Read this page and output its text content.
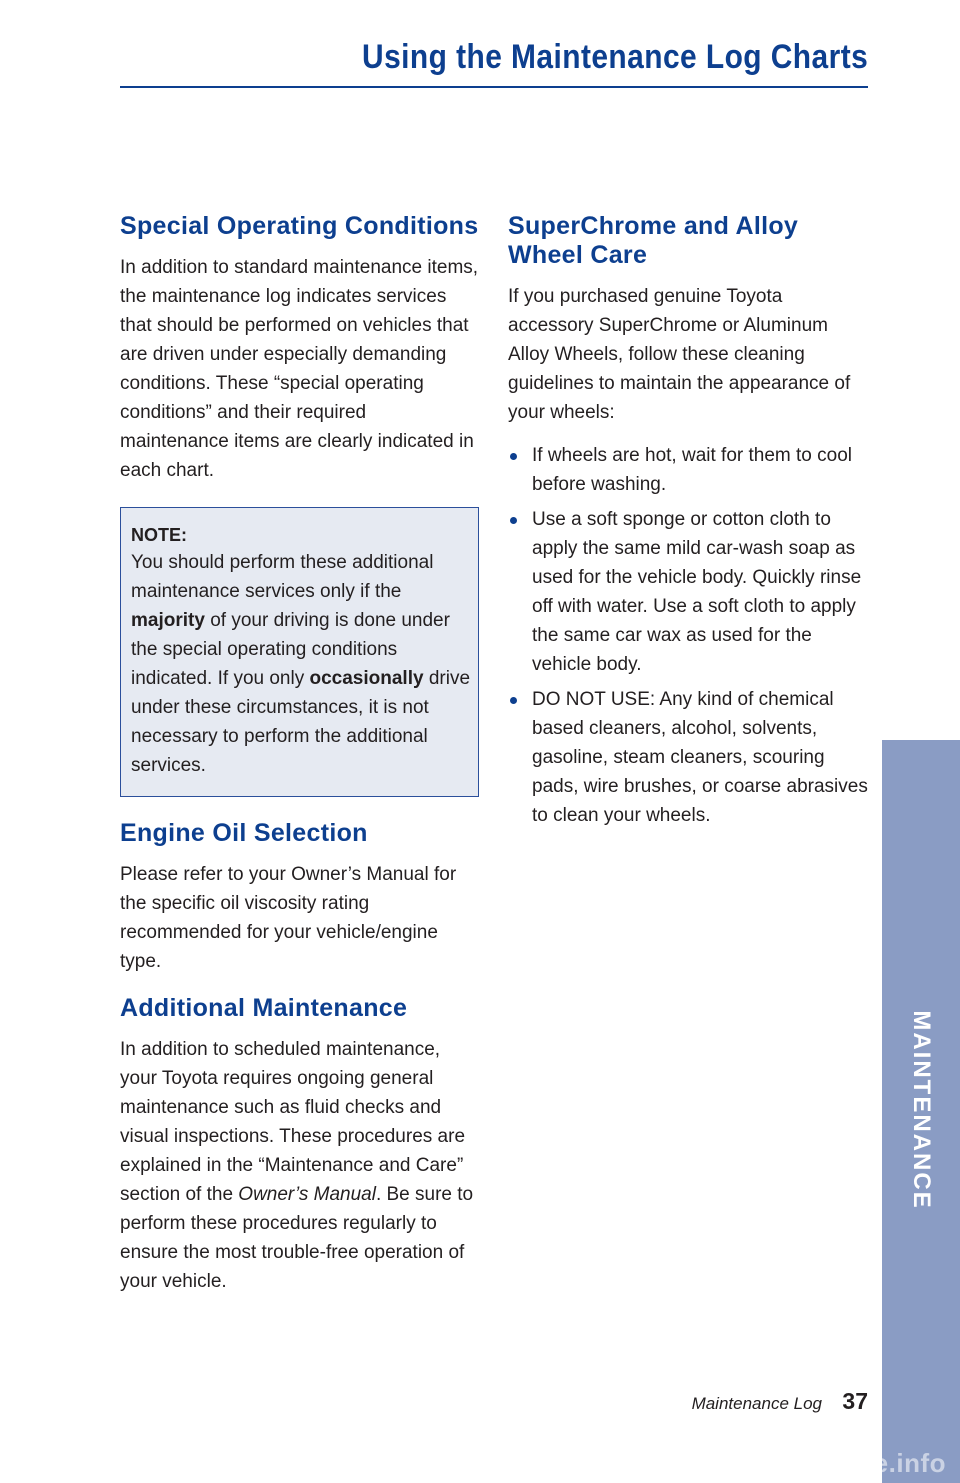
Using the Maintenance Log Charts
Special Operating Conditions

In addition to standard maintenance items, the maintenance log indicates services that should be performed on vehicles that are driven under especially demanding conditions. These “special operating conditions” and their required maintenance items are clearly indicated in each chart.

NOTE:
You should perform these additional maintenance services only if the majority of your driving is done under the special operating conditions indicated. If you only occasionally drive under these circumstances, it is not necessary to perform the additional services.
Engine Oil Selection

Please refer to your Owner’s Manual for the specific oil viscosity rating recommended for your vehicle/engine type.

Additional Maintenance

In addition to scheduled maintenance, your Toyota requires ongoing general maintenance such as fluid checks and visual inspections. These procedures are explained in the “Maintenance and Care” section of the Owner’s Manual. Be sure to perform these procedures regularly to ensure the most trouble-free operation of your vehicle.

SuperChrome and Alloy Wheel Care

If you purchased genuine Toyota accessory SuperChrome or Aluminum Alloy Wheels, follow these cleaning guidelines to maintain the appearance of your wheels:

If wheels are hot, wait for them to cool before washing.
Use a soft sponge or cotton cloth to apply the same mild car-wash soap as used for the vehicle body. Quickly rinse off with water. Use a soft cloth to apply the same car wax as used for the vehicle body.
DO NOT USE: Any kind of chemical based cleaners, alcohol, solvents, gasoline, steam cleaners, scouring pads, wire brushes, or coarse abrasives to clean your wheels.
MAINTENANCE
Maintenance Log 37
carmanualsonline.info
